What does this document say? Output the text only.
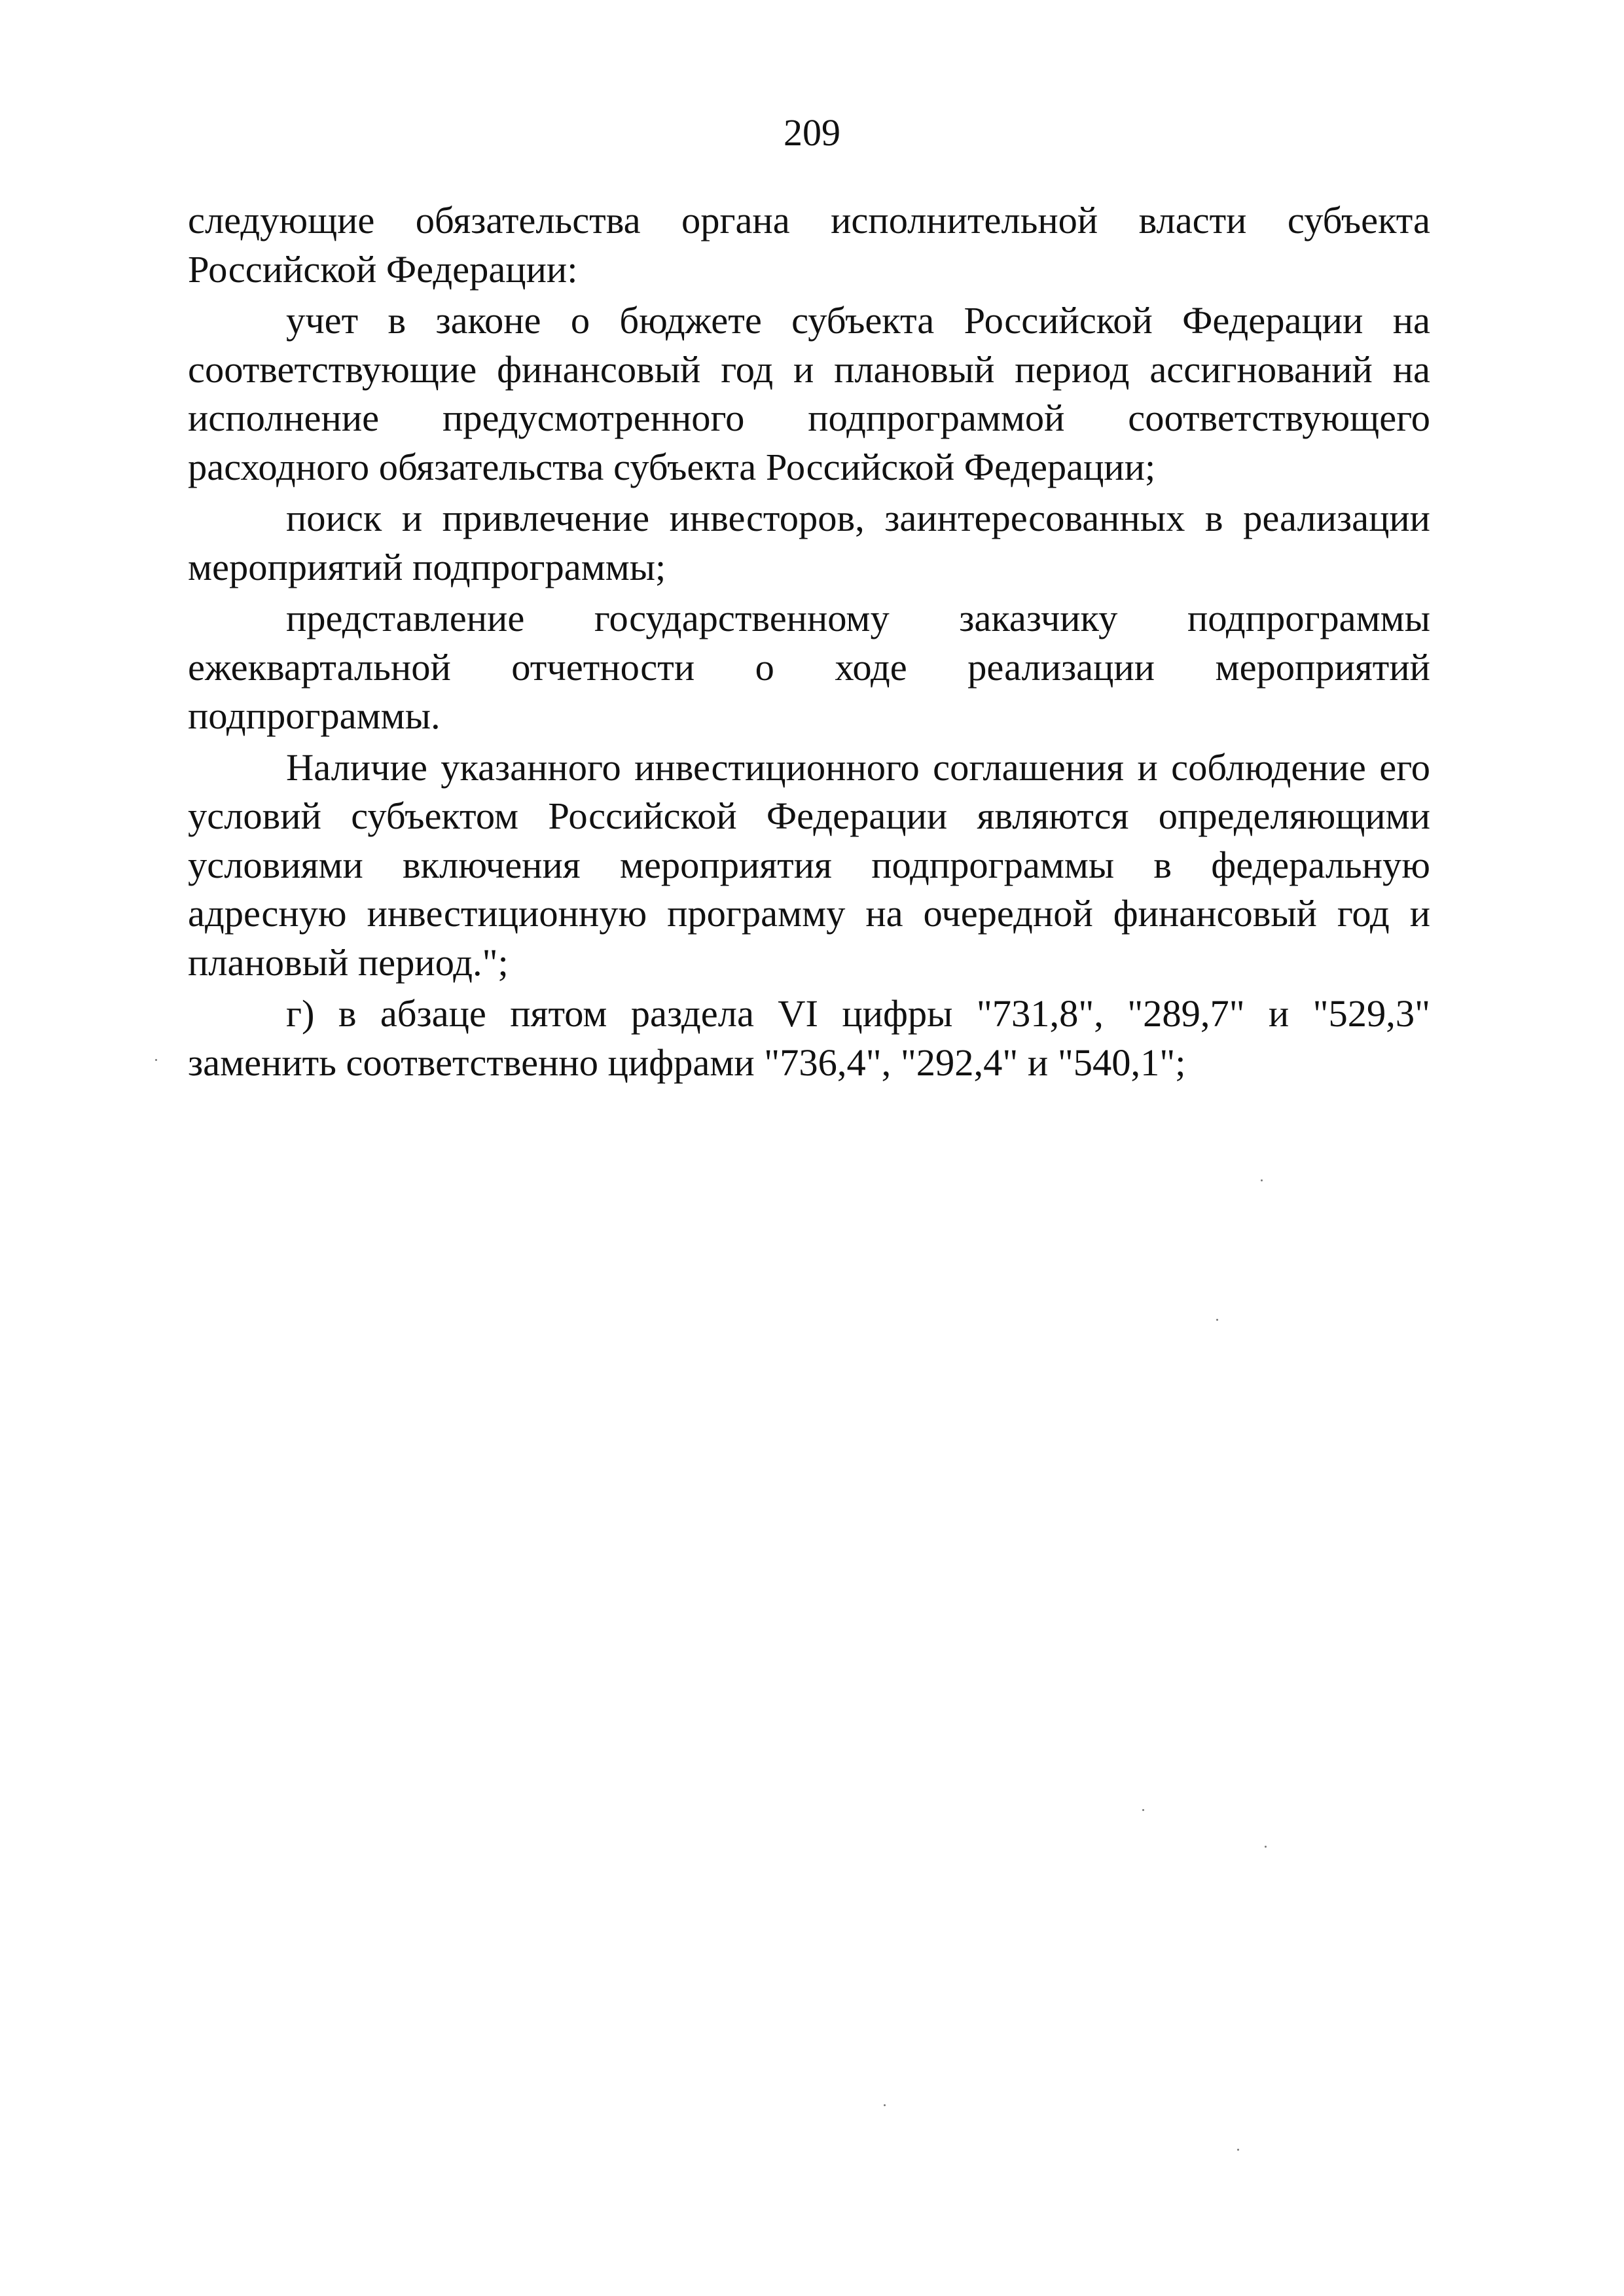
209

следующие обязательства органа исполнительной власти субъекта Российской Федерации:

учет в законе о бюджете субъекта Российской Федерации на соответствующие финансовый год и плановый период ассигнований на исполнение предусмотренного подпрограммой соответствующего расходного обязательства субъекта Российской Федерации;

поиск и привлечение инвесторов, заинтересованных в реализации мероприятий подпрограммы;

представление государственному заказчику подпрограммы ежеквартальной отчетности о ходе реализации мероприятий подпрограммы.

Наличие указанного инвестиционного соглашения и соблюдение его условий субъектом Российской Федерации являются определяющими условиями включения мероприятия подпрограммы в федеральную адресную инвестиционную программу на очередной финансовый год и плановый период.";

г) в абзаце пятом раздела VI цифры "731,8", "289,7" и "529,3" заменить соответственно цифрами "736,4", "292,4" и "540,1";
